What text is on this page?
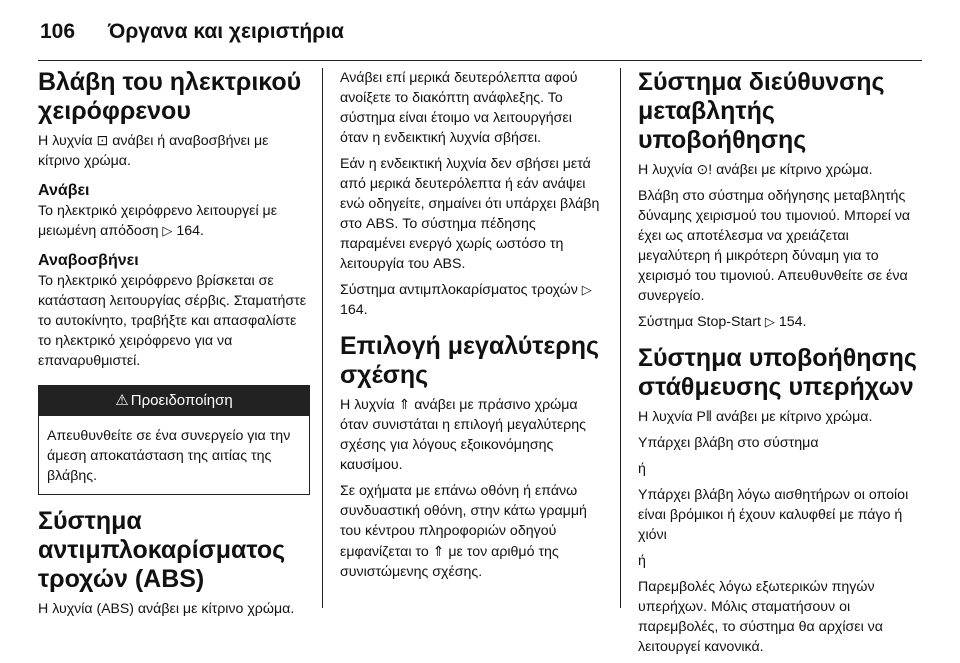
106 Όργανα και χειριστήρια
Βλάβη του ηλεκτρικού χειρόφρενου

Η λυχνία ⊡ ανάβει ή αναβοσβήνει με κίτρινο χρώμα.

Ανάβει

Το ηλεκτρικό χειρόφρενο λειτουργεί με μειωμένη απόδοση ▷ 164.

Αναβοσβήνει

Το ηλεκτρικό χειρόφρενο βρίσκεται σε κατάσταση λειτουργίας σέρβις. Σταματήστε το αυτοκίνητο, τραβήξτε και απασφαλίστε το ηλεκτρικό χειρόφρενο για να επαναρυθμιστεί.

⚠ Προειδοποίηση

Απευθυνθείτε σε ένα συνεργείο για την άμεση αποκατάσταση της αιτίας της βλάβης.

Σύστημα αντιμπλοκαρίσματος τροχών (ABS)

Η λυχνία (ABS) ανάβει με κίτρινο χρώμα.

Ανάβει επί μερικά δευτερόλεπτα αφού ανοίξετε το διακόπτη ανάφλεξης. Το σύστημα είναι έτοιμο να λειτουργήσει όταν η ενδεικτική λυχνία σβήσει.

Εάν η ενδεικτική λυχνία δεν σβήσει μετά από μερικά δευτερόλεπτα ή εάν ανάψει ενώ οδηγείτε, σημαίνει ότι υπάρχει βλάβη στο ABS. Το σύστημα πέδησης παραμένει ενεργό χωρίς ωστόσο τη λειτουργία του ABS.

Σύστημα αντιμπλοκαρίσματος τροχών ▷ 164.

Επιλογή μεγαλύτερης σχέσης

Η λυχνία ⇑ ανάβει με πράσινο χρώμα όταν συνιστάται η επιλογή μεγαλύτερης σχέσης για λόγους εξοικονόμησης καυσίμου.

Σε οχήματα με επάνω οθόνη ή επάνω συνδυαστική οθόνη, στην κάτω γραμμή του κέντρου πληροφοριών οδηγού εμφανίζεται το ⇑ με τον αριθμό της συνιστώμενης σχέσης.

Σύστημα διεύθυνσης μεταβλητής υποβοήθησης

Η λυχνία ⊙! ανάβει με κίτρινο χρώμα.

Βλάβη στο σύστημα οδήγησης μεταβλητής δύναμης χειρισμού του τιμονιού. Μπορεί να έχει ως αποτέλεσμα να χρειάζεται μεγαλύτερη ή μικρότερη δύναμη για το χειρισμό του τιμονιού. Απευθυνθείτε σε ένα συνεργείο.

Σύστημα Stop-Start ▷ 154.

Σύστημα υποβοήθησης στάθμευσης υπερήχων

Η λυχνία P⦀ ανάβει με κίτρινο χρώμα.

Υπάρχει βλάβη στο σύστημα

ή

Υπάρχει βλάβη λόγω αισθητήρων οι οποίοι είναι βρόμικοι ή έχουν καλυφθεί με πάγο ή χιόνι

ή

Παρεμβολές λόγω εξωτερικών πηγών υπερήχων. Μόλις σταματήσουν οι παρεμβολές, το σύστημα θα αρχίσει να λειτουργεί κανονικά.
